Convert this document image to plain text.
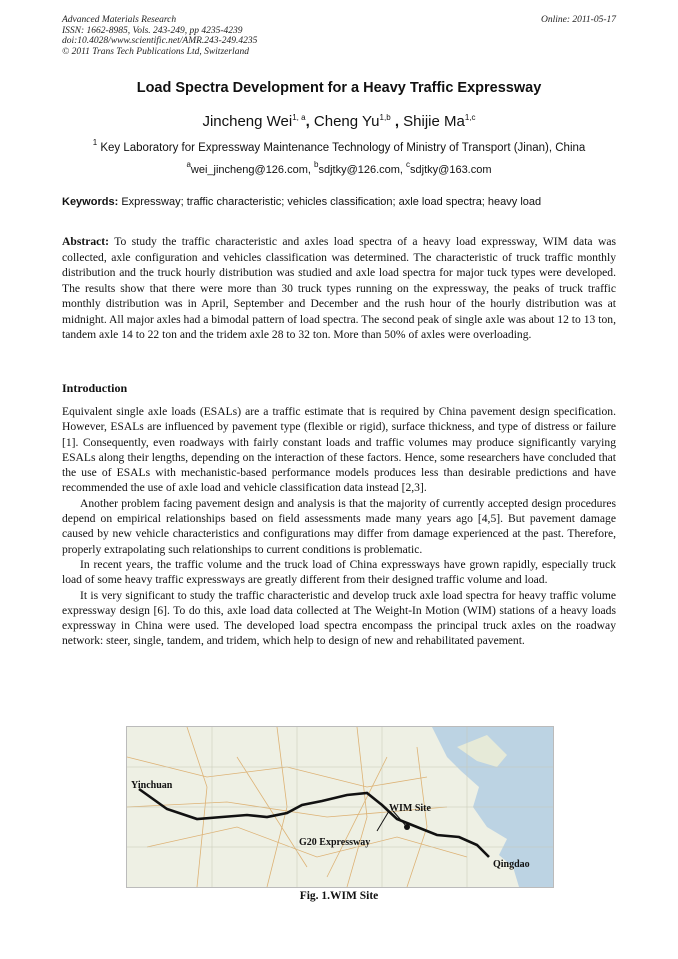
Advanced Materials Research
ISSN: 1662-8985, Vols. 243-249, pp 4235-4239
doi:10.4028/www.scientific.net/AMR.243-249.4235
© 2011 Trans Tech Publications Ltd, Switzerland
Online: 2011-05-17
Load Spectra Development for a Heavy Traffic Expressway
Jincheng Wei$^{1, a}$, Cheng Yu$^{1,b}$ , Shijie Ma$^{1,c}$
$^1$ Key Laboratory for Expressway Maintenance Technology of Ministry of Transport (Jinan), China
$^a$wei_jincheng@126.com, $^b$sdjtky@126.com, $^c$sdjtky@163.com
Keywords: Expressway; traffic characteristic; vehicles classification; axle load spectra; heavy load
Abstract: To study the traffic characteristic and axles load spectra of a heavy load expressway, WIM data was collected, axle configuration and vehicles classification was determined. The characteristic of truck traffic monthly distribution and the truck hourly distribution was studied and axle load spectra for major tuck types were developed. The results show that there were more than 30 truck types running on the expressway, the peaks of truck traffic monthly distribution was in April, September and December and the rush hour of the hourly distribution was at midnight. All major axles had a bimodal pattern of load spectra. The second peak of single axle was about 12 to 13 ton, tandem axle 14 to 22 ton and the tridem axle 28 to 32 ton. More than 50% of axles were overloading.
Introduction

Equivalent single axle loads (ESALs) are a traffic estimate that is required by China pavement design specification. However, ESALs are influenced by pavement type (flexible or rigid), surface thickness, and type of distress or failure [1]. Consequently, even roadways with fairly constant loads and traffic volumes may produce significantly varying ESALs along their lengths, depending on the interaction of these factors. Hence, some researchers have concluded that the use of ESALs with mechanistic-based performance models produces less than desirable predictions and have recommended the use of axle load and vehicle classification data instead [2,3].

Another problem facing pavement design and analysis is that the majority of currently accepted design procedures depend on empirical relationships based on field assessments made many years ago [4,5]. But pavement damage caused by new vehicle characteristics and configurations may differ from damage experienced at the past. Therefore, properly extrapolating such relationships to current conditions is problematic.

In recent years, the traffic volume and the truck load of China expressways have grown rapidly, especially truck load of some heavy traffic expressways are greatly different from their designed traffic volume and load.

It is very significant to study the traffic characteristic and develop truck axle load spectra for heavy traffic volume expressway design [6]. To do this, axle load data collected at The Weight-In Motion (WIM) stations of a heavy loads expressway in China were used. The developed load spectra encompass the principal truck axles on the roadway network: steer, single, tandem, and tridem, which help to design of new and rehabilitated pavement.

Yinchuan
WIM Site
G20 Expressway
Qingdao
Fig. 1.WIM Site
